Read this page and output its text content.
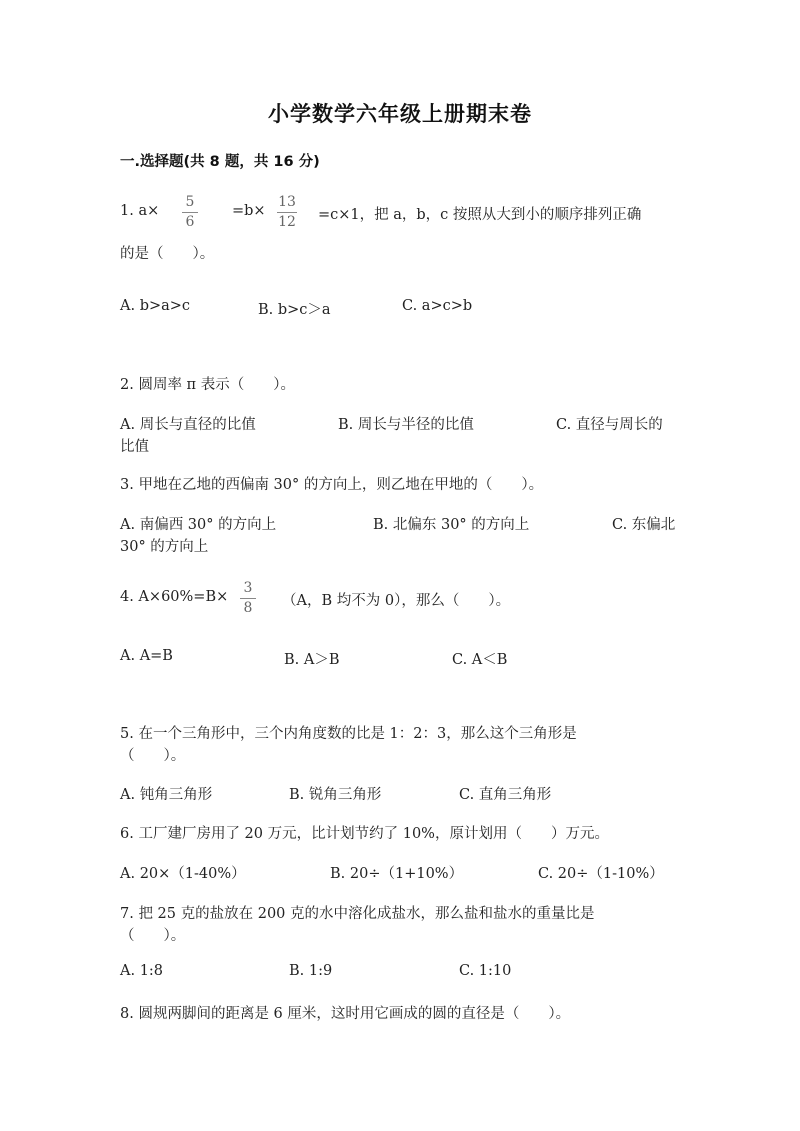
小学数学六年级上册期末卷
一.选择题(共 8 题，共 16 分)
1. a×
5
6
=b×
13
12 =c×1，把 a，b，c 按照从大到小的顺序排列正确
的是（　　）。
A. b>a>c	B. b>c＞a	C. a>c>b
2. 圆周率 π 表示（　　）。
A. 周长与直径的比值	B. 周长与半径的比值	C. 直径与周长的
比值
3. 甲地在乙地的西偏南 30° 的方向上，则乙地在甲地的（　　）。
A. 南偏西 30° 的方向上	B. 北偏东 30° 的方向上	C. 东偏北
30° 的方向上
4. A×60%=B×
3
8 （A，B 均不为 0），那么（　　）。
A. A=B	B. A＞B	C. A＜B
5. 在一个三角形中，三个内角度数的比是 1：2：3，那么这个三角形是
（　　）。
A. 钝角三角形	B. 锐角三角形	C. 直角三角形
6. 工厂建厂房用了 20 万元，比计划节约了 10%，原计划用（　　）万元。
A. 20×（1-40%）	B. 20÷（1+10%）	C. 20÷（1-10%）
7. 把 25 克的盐放在 200 克的水中溶化成盐水，那么盐和盐水的重量比是
（　　）。
A. 1:8	B. 1:9	C. 1:10
8. 圆规两脚间的距离是 6 厘米，这时用它画成的圆的直径是（　　）。
